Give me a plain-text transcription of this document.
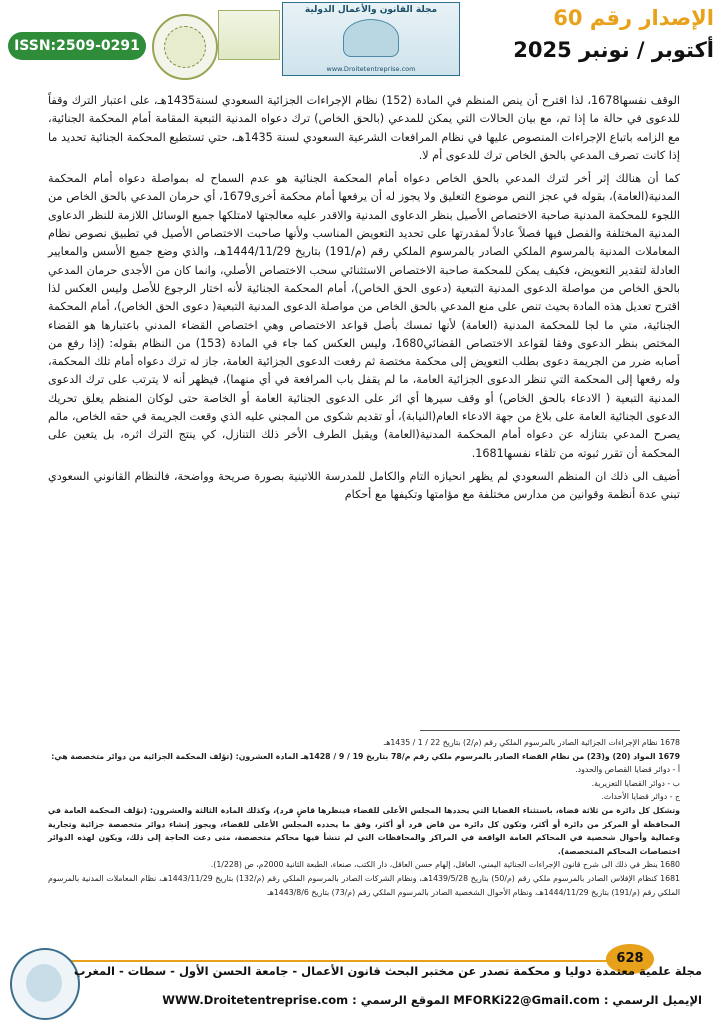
ISSN:2509-0291
مجلة القانون والأعمال الدولية
www.Droitetentreprise.com
الإصدار رقم 60
أكتوبر / نونبر 2025

الوقف نفسها1678، لذا اقترح أن ينص المنظم في المادة (152) نظام الإجراءات الجزائية السعودي لسنة1435هـ، على اعتبار الترك وقفاً للدعوى في حالة ما إذا تم، مع بيان الحالات التي يمكن للمدعي (بالحق الخاص) ترك دعواه المدنية التبعية المقامة أمام المحكمة الجنائية، مع الزامه باتباع الإجراءات المنصوص عليها في نظام المرافعات الشرعية السعودي لسنة 1435هـ، حتي تستطيع المحكمة الجنائية تحديد ما إذا كانت تصرف المدعي بالحق الخاص ترك للدعوى أم لا.

كما أن هنالك إثر أخر لترك المدعي بالحق الخاص دعواه أمام المحكمة الجنائية هو عدم السماح له بمواصلة دعواه أمام المحكمة المدنية(العامة)، بقوله في عجز النص موضوع التعليق ولا يجوز له أن يرفعها أمام محكمة أخرى1679، أي حرمان المدعي بالحق الخاص من اللجوء للمحكمة المدنية صاحبة الاختصاص الأصيل بنظر الدعاوى المدنية والاقدر عليه معالجتها لامتلكها جميع الوسائل اللازمة للنظر الدعاوى المدنية المختلفة والفصل فيها فصلاً عادلاً لمقدرتها على تحديد التعويض المناسب ولأنها صاحبت الاختصاص الأصيل في تطبيق نصوص نظام المعاملات المدنية بالمرسوم الملكي الصادر بالمرسوم الملكي رقم (م/191) بتاريخ 1444/11/29هـ، والذي وضع جميع الأسس والمعايير العادلة لتقدير التعويض، فكيف يمكن للمحكمة صاحبة الاختصاص الاستثنائي سحب الاختصاص الأصلي، وانما كان من الأجدى حرمان المدعي بالحق الخاص من مواصلة الدعوى المدنية التبعية (دعوى الحق الخاص)، أمام المحكمة الجنائية لأنه اختار الرجوع للأصل وليس العكس لذا اقترح تعديل هذه المادة بحيث تنص على منع المدعي بالحق الخاص من مواصلة الدعوى المدنية التبعية( دعوى الحق الخاص)، أمام المحكمة الجنائية، متي ما لجا للمحكمة المدنية (العامة) لأنها تمسك بأصل قواعد الاختصاص وهي اختصاص القضاء المدني باعتبارها هو القضاء المختص بنظر الدعوى وفقا لقواعد الاختصاص القضائي1680، وليس العكس كما جاء في المادة (153) من النظام بقوله: (إذا رفع من أصابه ضرر من الجريمة دعوى بطلب التعويض إلى محكمة مختصة ثم رفعت الدعوى الجزائية العامة، جاز له ترك دعواه أمام تلك المحكمة، وله رفعها إلى المحكمة التي تنظر الدعوى الجزائية العامة، ما لم يقفل باب المرافعة في أي منهما)، فيظهر أنه لا يترتب على ترك الدعوى المدنية التبعية ( الادعاء بالحق الخاص) أو وقف سيرها أي اثر على الدعوى الجنائية العامة أو الخاصة حتى لوكان المنظم يعلق تحريك الدعوى الجنائية العامة على بلاغ من جهة الادعاء العام(النيابة)، أو تقديم شكوى من المجني عليه الذي وقعت الجريمة في حقه الخاص، مالم يصرح المدعي بتنازله عن دعواه أمام المحكمة المدنية(العامة) ويقبل الطرف الأخر ذلك التنازل، كي ينتج الترك اثره، بل يتعين على المحكمة أن تقرر ثبوته من تلقاء نفسها1681.

أضيف الى ذلك ان المنظم السعودي لم يظهر انحيازه التام والكامل للمدرسة اللاتينية بصورة صريحة وواضحة، فالنظام القانوني السعودي تبني عدة أنظمة وقوانين من مدارس مختلفة مع مؤامتها وتكيفها مع أحكام

1678 نظام الإجراءات الجزائية الصادر بالمرسوم الملكي رقم (م/2) بتاريخ 22 / 1 / 1435هـ
1679 المواد (20) و(23) من نظام القضاء الصادر بالمرسوم ملكي رقم م/78 بتاريخ 19 / 9 / 1428هـ المادة العشرون: (تؤلف المحكمة الجزائية من دوائر متخصصة هي:
أ - دوائر قضايا القصاص والحدود.
ب - دوائر القضايا التعزيرية.
ج - دوائر قضايا الأحداث.
وتشكل كل دائرة من ثلاثة قضاة، باستثناء القضايا التي يحددها المجلس الأعلى للقضاء فينظرها قاضٍ فرد)، وكذلك المادة الثالثة والعشرون: (تؤلف المحكمة العامة في المحافظة أو المركز من دائرة أو أكثر، وتكون كل دائرة من قاض فرد أو أكثر، وفق ما يحدده المجلس الأعلى للقضاء، ويجوز إنشاء دوائر متخصصة جزائية وتجارية وعمالية وأحوال شخصية في المحاكم العامة الواقعة في المراكز والمحافظات التي لم تنشأ فيها محاكم متخصصة، متى دعت الحاجة إلى ذلك، ويكون لهذه الدوائر اختصاصات المحاكم المتخصصة).
1680 ينظر في ذلك الى شرح قانون الإجراءات الجنائية اليمني، العاقل، إلهام حسن العاقل، دار الكتب، صنعاء، الطبعة الثانية 2000م، ص (1/228).
1681 كنظام الإفلاس الصادر بالمرسوم ملكي رقم (م/50) بتاريخ 1439/5/28هـ، ونظام الشركات الصادر بالمرسوم الملكي رقم (م/132) بتاريخ 1443/11/29هـ، نظام المعاملات المدنية بالمرسوم الملكي رقم (م/191) بتاريخ 1444/11/29هـ، ونظام الأحوال الشخصية الصادر بالمرسوم الملكي رقم (م/73) بتاريخ 1443/8/6هـ
628
مجلة علمية معتمدة دوليا و محكمة تصدر عن مختبر البحث قانون الأعمال - جامعة الحسن الأول - سطات - المغرب
الإيميل الرسمي : MFORKi22@Gmail.com الموقع الرسمي : WWW.Droitetentreprise.com
